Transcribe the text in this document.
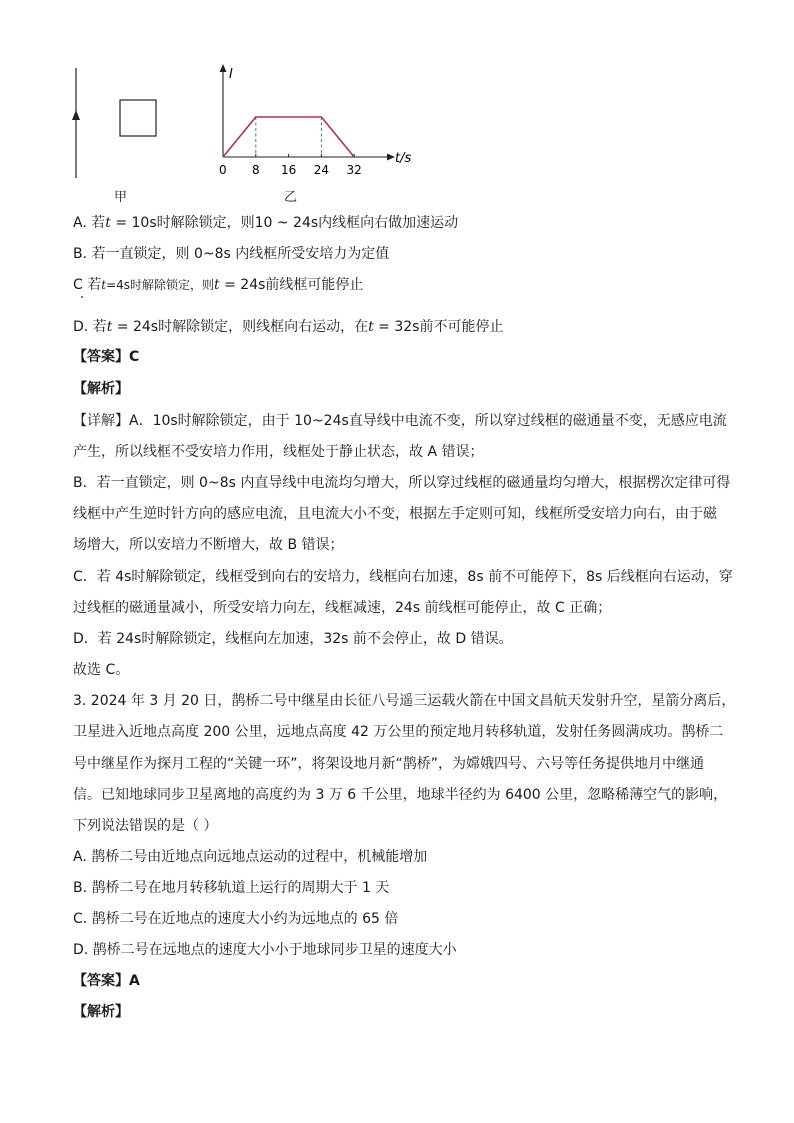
甲
I
t/s
0 8 16 24 32
乙
A. 若t = 10s时解除锁定，则10 ~ 24s内线框向右做加速运动
B. 若一直锁定，则 0~8s 内线框所受安培力为定值
C 若t=4s时解除锁定，则t = 24s前线框可能停止
D. 若t = 24s时解除锁定，则线框向右运动，在t = 32s前不可能停止
【答案】C
【解析】
【详解】A．10s时解除锁定，由于 10~24s直导线中电流不变，所以穿过线框的磁通量不变，无感应电流
产生，所以线框不受安培力作用，线框处于静止状态，故 A 错误；
B．若一直锁定，则 0~8s 内直导线中电流均匀增大，所以穿过线框的磁通量均匀增大，根据楞次定律可得
线框中产生逆时针方向的感应电流，且电流大小不变，根据左手定则可知，线框所受安培力向右，由于磁
场增大，所以安培力不断增大，故 B 错误；
C．若 4s时解除锁定，线框受到向右的安培力，线框向右加速，8s 前不可能停下，8s 后线框向右运动，穿
过线框的磁通量减小，所受安培力向左，线框减速，24s 前线框可能停止，故 C 正确；
D．若 24s时解除锁定，线框向左加速，32s 前不会停止，故 D 错误。
故选 C。
3. 2024 年 3 月 20 日，鹊桥二号中继星由长征八号遥三运载火箭在中国文昌航天发射升空，星箭分离后，
卫星进入近地点高度 200 公里，远地点高度 42 万公里的预定地月转移轨道，发射任务圆满成功。鹊桥二
号中继星作为探月工程的“关键一环”，将架设地月新“鹊桥”，为嫦娥四号、六号等任务提供地月中继通
信。已知地球同步卫星离地的高度约为 3 万 6 千公里，地球半径约为 6400 公里，忽略稀薄空气的影响，
下列说法错误的是（ ）
A. 鹊桥二号由近地点向远地点运动的过程中，机械能增加
B. 鹊桥二号在地月转移轨道上运行的周期大于 1 天
C. 鹊桥二号在近地点的速度大小约为远地点的 65 倍
D. 鹊桥二号在远地点的速度大小小于地球同步卫星的速度大小
【答案】A
【解析】
